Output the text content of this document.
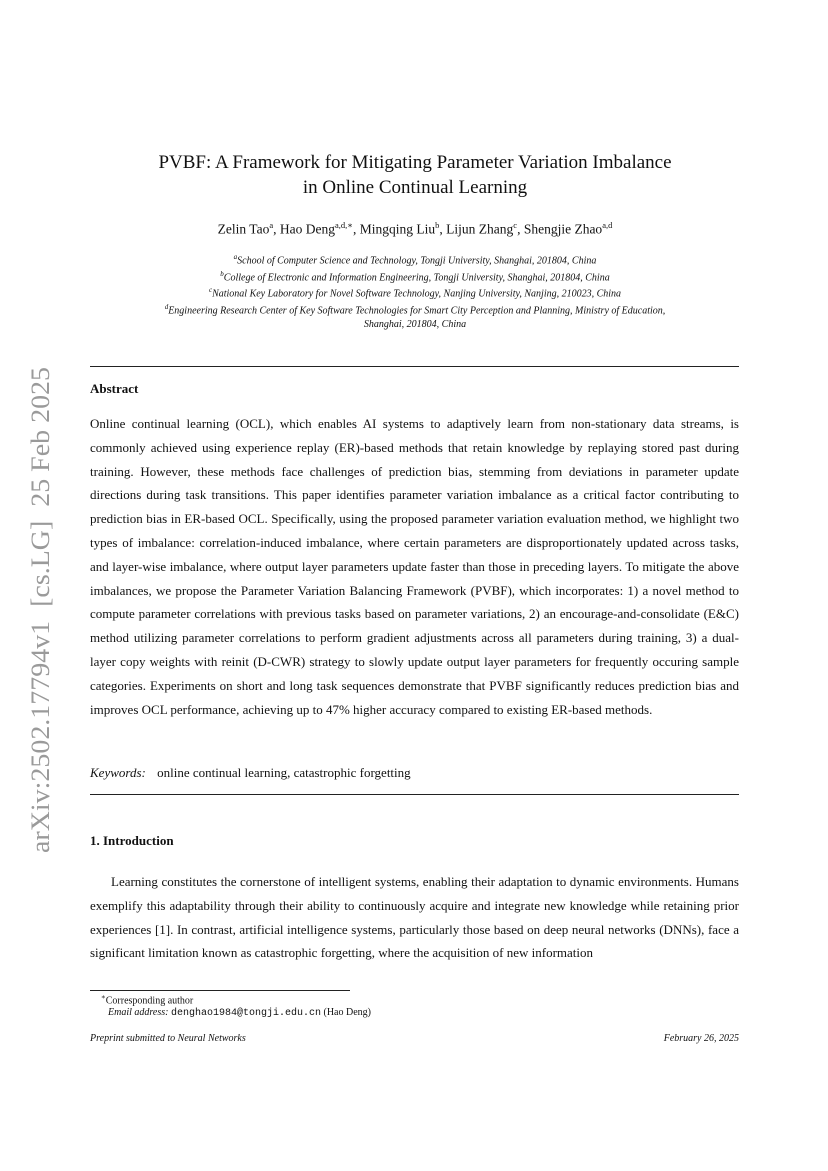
arXiv:2502.17794v1  [cs.LG]  25 Feb 2025
PVBF: A Framework for Mitigating Parameter Variation Imbalance
in Online Continual Learning
Zelin Tao$^a$, Hao Deng$^{a,d,∗}$, Mingqing Liu$^b$, Lijun Zhang$^c$, Shengjie Zhao$^{a,d}$
$^a$School of Computer Science and Technology, Tongji University, Shanghai, 201804, China
$^b$College of Electronic and Information Engineering, Tongji University, Shanghai, 201804, China
$^c$National Key Laboratory for Novel Software Technology, Nanjing University, Nanjing, 210023, China
$^d$Engineering Research Center of Key Software Technologies for Smart City Perception and Planning, Ministry of Education, Shanghai, 201804, China
Abstract
Online continual learning (OCL), which enables AI systems to adaptively learn from non-stationary data streams, is commonly achieved using experience replay (ER)-based methods that retain knowledge by replaying stored past during training. However, these methods face challenges of prediction bias, stemming from deviations in parameter update directions during task transitions. This paper identifies parameter variation imbalance as a critical factor contributing to prediction bias in ER-based OCL. Specifically, using the proposed parameter variation evaluation method, we highlight two types of imbalance: correlation-induced imbalance, where certain parameters are disproportionately updated across tasks, and layer-wise imbalance, where output layer parameters update faster than those in preceding layers. To mitigate the above imbalances, we propose the Parameter Variation Balancing Framework (PVBF), which incorporates: 1) a novel method to compute parameter correlations with previous tasks based on parameter variations, 2) an encourage-and-consolidate (E&C) method utilizing parameter correlations to perform gradient adjustments across all parameters during training, 3) a dual-layer copy weights with reinit (D-CWR) strategy to slowly update output layer parameters for frequently occuring sample categories. Experiments on short and long task sequences demonstrate that PVBF significantly reduces prediction bias and improves OCL performance, achieving up to 47% higher accuracy compared to existing ER-based methods.
Keywords: online continual learning, catastrophic forgetting
1. Introduction
Learning constitutes the cornerstone of intelligent systems, enabling their adaptation to dynamic environments. Humans exemplify this adaptability through their ability to continuously acquire and integrate new knowledge while retaining prior experiences [1]. In contrast, artificial intelligence systems, particularly those based on deep neural networks (DNNs), face a significant limitation known as catastrophic forgetting, where the acquisition of new information
∗Corresponding author
Email address: denghao1984@tongji.edu.cn (Hao Deng)
Preprint submitted to Neural Networks	February 26, 2025
